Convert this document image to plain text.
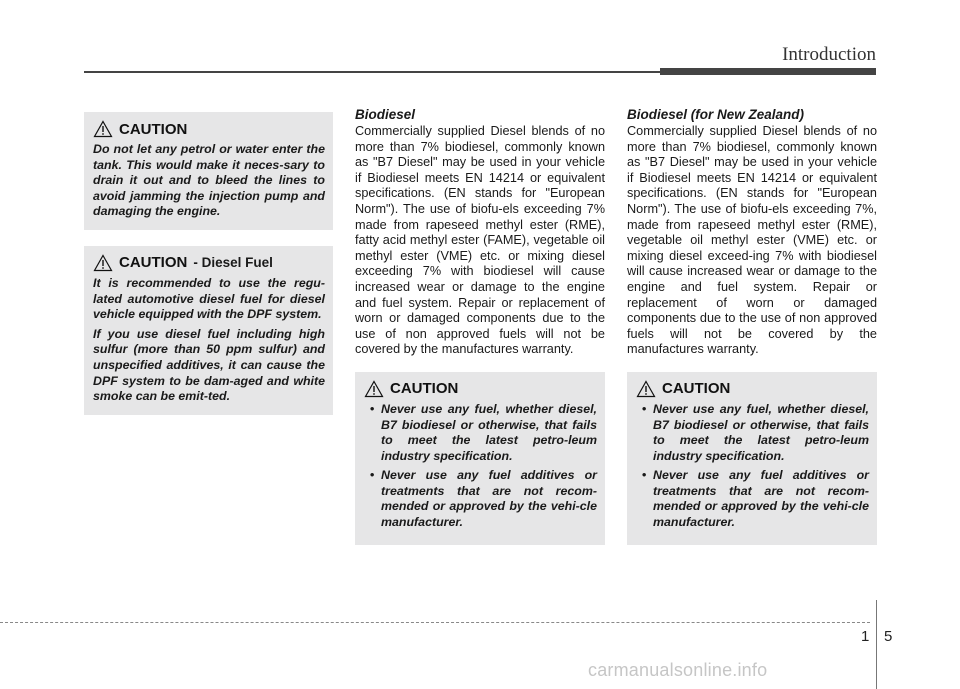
Introduction
CAUTION

Do not let any petrol or water enter the tank. This would make it neces-sary to drain it out and to bleed the lines to avoid jamming the injection pump and damaging the engine.

CAUTION - Diesel Fuel

It is recommended to use the regu-lated automotive diesel fuel for diesel vehicle equipped with the DPF system.

If you use diesel fuel including high sulfur (more than 50 ppm sulfur) and unspecified additives, it can cause the DPF system to be dam-aged and white smoke can be emit-ted.

Biodiesel

Commercially supplied Diesel blends of no more than 7% biodiesel, commonly known as "B7 Diesel" may be used in your vehicle if Biodiesel meets EN 14214 or equivalent specifications. (EN stands for "European Norm"). The use of biofu-els exceeding 7% made from rapeseed methyl ester (RME), fatty acid methyl ester (FAME), vegetable oil methyl ester (VME) etc. or mixing diesel exceeding 7% with biodiesel will cause increased wear or damage to the engine and fuel system. Repair or replacement of worn or damaged components due to the use of non approved fuels will not be covered by the manufactures warranty.

CAUTION
• Never use any fuel, whether diesel, B7 biodiesel or otherwise, that fails to meet the latest petro-leum industry specification.
• Never use any fuel additives or treatments that are not recom-mended or approved by the vehi-cle manufacturer.
Biodiesel (for New Zealand)

Commercially supplied Diesel blends of no more than 7% biodiesel, commonly known as "B7 Diesel" may be used in your vehicle if Biodiesel meets EN 14214 or equivalent specifications. (EN stands for "European Norm"). The use of biofu-els exceeding 7%, made from rapeseed methyl ester (RME), vegetable oil methyl ester (VME) etc. or mixing diesel exceed-ing 7% with biodiesel will cause increased wear or damage to the engine and fuel system. Repair or replacement of worn or damaged components due to the use of non approved fuels will not be covered by the manufactures warranty.

CAUTION
• Never use any fuel, whether diesel, B7 biodiesel or otherwise, that fails to meet the latest petro-leum industry specification.
• Never use any fuel additives or treatments that are not recom-mended or approved by the vehi-cle manufacturer.
1 5
carmanualsonline.info
